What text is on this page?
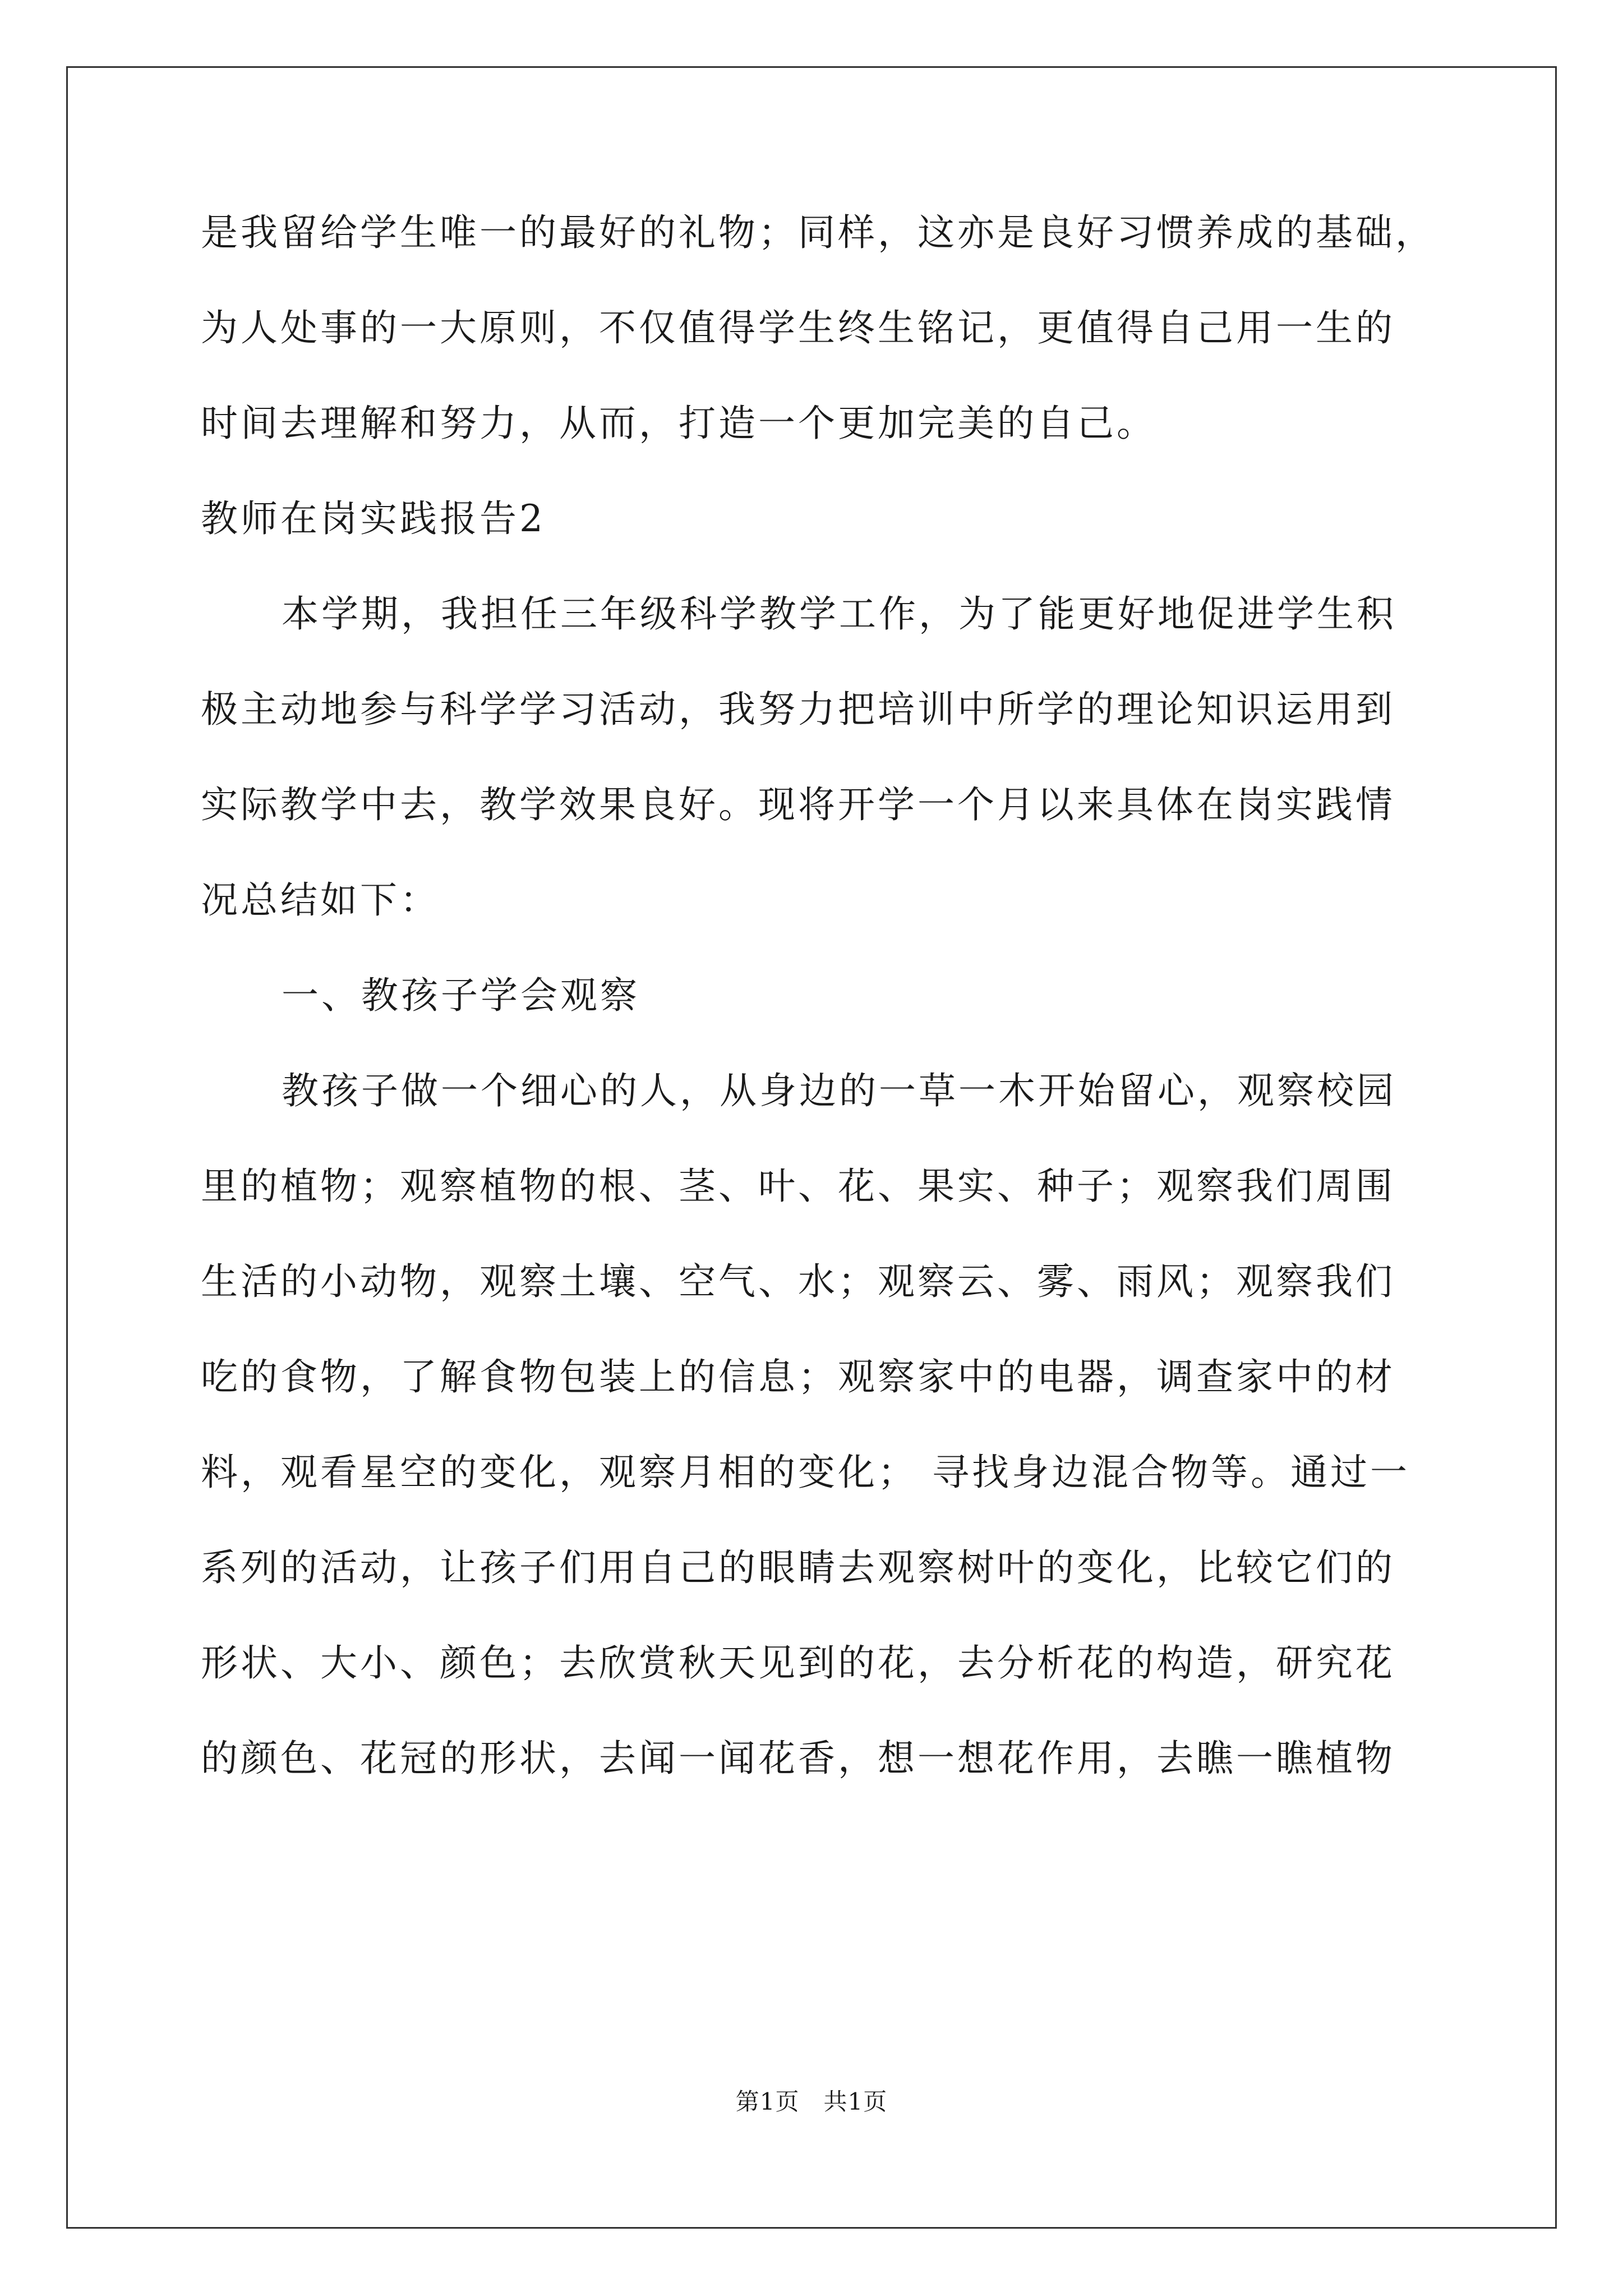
是我留给学生唯一的最好的礼物；同样，这亦是良好习惯养成的基础，
为人处事的一大原则，不仅值得学生终生铭记，更值得自己用一生的
时间去理解和努力，从而，打造一个更加完美的自己。
教师在岗实践报告2
本学期，我担任三年级科学教学工作，为了能更好地促进学生积
极主动地参与科学学习活动，我努力把培训中所学的理论知识运用到
实际教学中去，教学效果良好。现将开学一个月以来具体在岗实践情
况总结如下：
一、教孩子学会观察
教孩子做一个细心的人，从身边的一草一木开始留心，观察校园
里的植物；观察植物的根、茎、叶、花、果实、种子；观察我们周围
生活的小动物，观察土壤、空气、水；观察云、雾、雨风；观察我们
吃的食物，了解食物包装上的信息；观察家中的电器，调查家中的材
料，观看星空的变化，观察月相的变化； 寻找身边混合物等。通过一
系列的活动，让孩子们用自己的眼睛去观察树叶的变化，比较它们的
形状、大小、颜色；去欣赏秋天见到的花，去分析花的构造，研究花
的颜色、花冠的形状，去闻一闻花香，想一想花作用，去瞧一瞧植物
第1页　共1页
